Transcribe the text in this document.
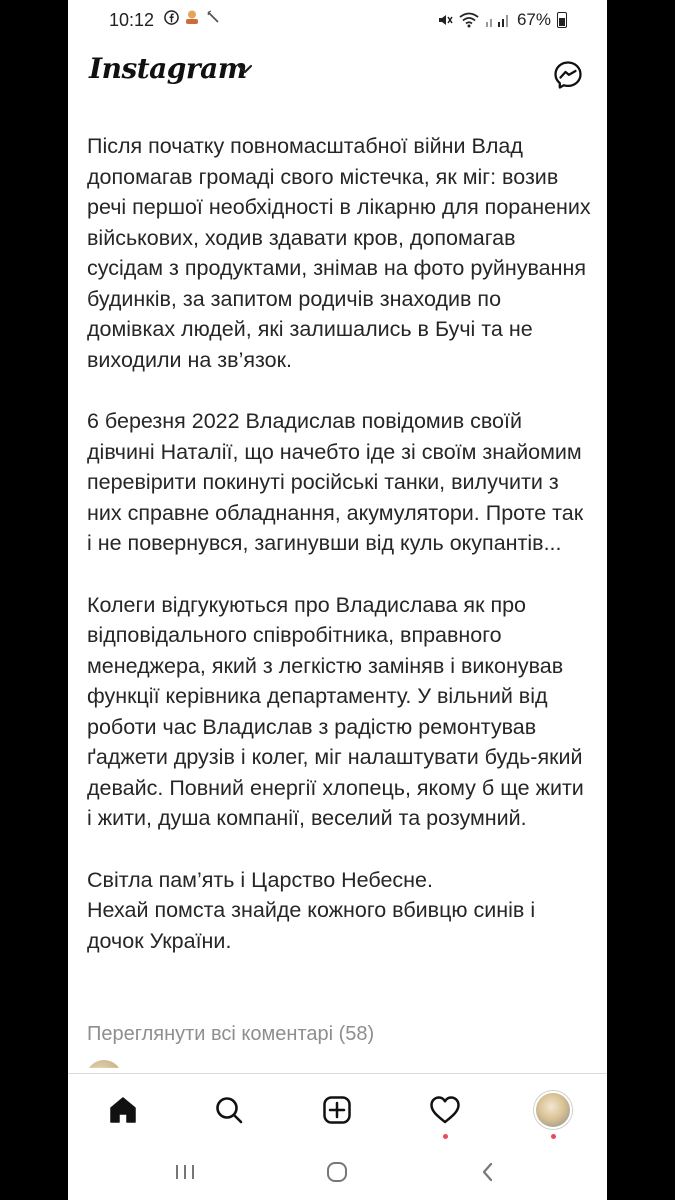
10:12	67%
Instagram

Після початку повномасштабної війни Влад допомагав громаді свого містечка, як міг: возив речі першої необхідності в лікарню для поранених військових, ходив здавати кров, допомагав сусідам з продуктами, знімав на фото руйнування будинків, за запитом родичів знаходив по домівках людей, які залишались в Бучі та не виходили на зв’язок.

6 березня 2022 Владислав повідомив своїй дівчині Наталії, що начебто іде зі своїм знайомим перевірити покинуті російські танки, вилучити з них справне обладнання, акумулятори. Проте так і не повернувся, загинувши від куль окупантів...

Колеги відгукуються про Владислава як про відповідального співробітника, вправного менеджера, який з легкістю заміняв і виконував функції керівника департаменту. У вільний від роботи час Владислав з радістю ремонтував ґаджети друзів і колег, міг налаштувати будь-який девайс. Повний енергії хлопець, якому б ще жити і жити, душа компанії, веселий та розумний.

Світла пам’ять і Царство Небесне.
Нехай помста знайде кожного вбивцю синів і дочок України.
Переглянути всі коментарі (58)
